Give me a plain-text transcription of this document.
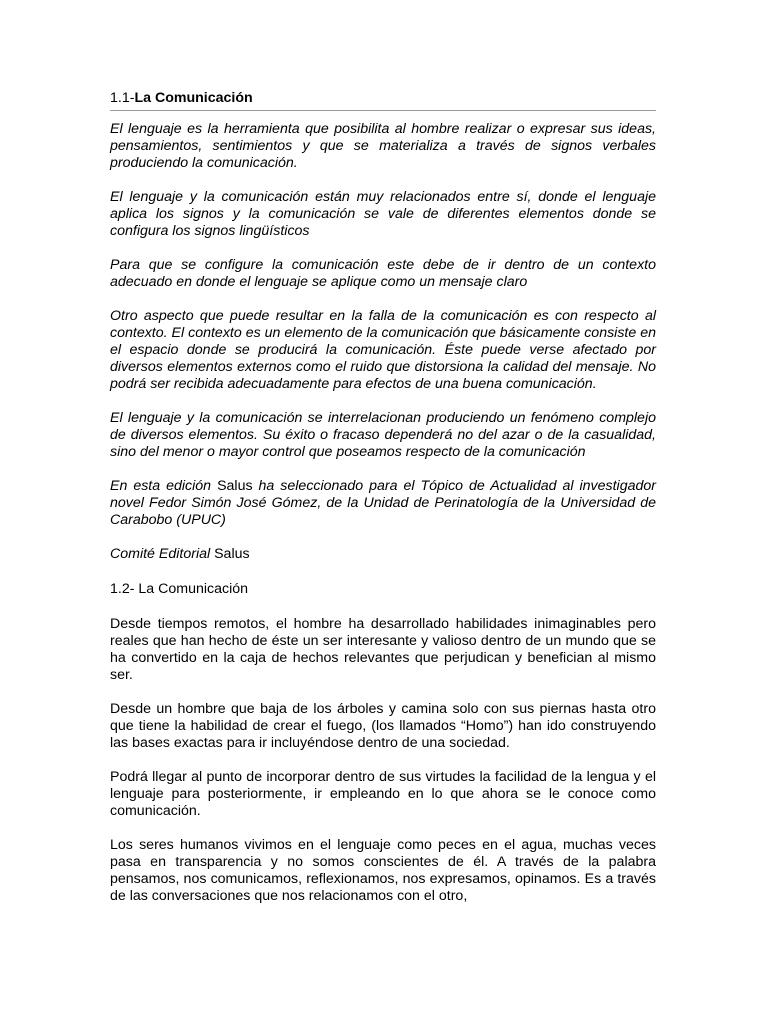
1.1-La Comunicación

El lenguaje es la herramienta que posibilita al hombre realizar o expresar sus ideas, pensamientos, sentimientos y que se materializa a través de signos verbales produciendo la comunicación.

El lenguaje y la comunicación están muy relacionados entre sí, donde el lenguaje aplica los signos y la comunicación se vale de diferentes elementos donde se configura los signos lingüísticos

Para que se configure la comunicación este debe de ir dentro de un contexto adecuado en donde el lenguaje se aplique como un mensaje claro

Otro aspecto que puede resultar en la falla de la comunicación es con respecto al contexto. El contexto es un elemento de la comunicación que básicamente consiste en el espacio donde se producirá la comunicación. Éste puede verse afectado por diversos elementos externos como el ruido que distorsiona la calidad del mensaje. No podrá ser recibida adecuadamente para efectos de una buena comunicación.

El lenguaje y la comunicación se interrelacionan produciendo un fenómeno complejo de diversos elementos. Su éxito o fracaso dependerá no del azar o de la casualidad, sino del menor o mayor control que poseamos respecto de la comunicación

En esta edición Salus ha seleccionado para el Tópico de Actualidad al investigador novel Fedor Simón José Gómez, de la Unidad de Perinatología de la Universidad de Carabobo (UPUC)

Comité Editorial Salus

1.2- La Comunicación

Desde tiempos remotos, el hombre ha desarrollado habilidades inimaginables pero reales que han hecho de éste un ser interesante y valioso dentro de un mundo que se ha convertido en la caja de hechos relevantes que perjudican y benefician al mismo ser.

Desde un hombre que baja de los árboles y camina solo con sus piernas hasta otro que tiene la habilidad de crear el fuego, (los llamados “Homo”) han ido construyendo las bases exactas para ir incluyéndose dentro de una sociedad.

Podrá llegar al punto de incorporar dentro de sus virtudes la facilidad de la lengua y el lenguaje para posteriormente, ir empleando en lo que ahora se le conoce como comunicación.

Los seres humanos vivimos en el lenguaje como peces en el agua, muchas veces pasa en transparencia y no somos conscientes de él. A través de la palabra pensamos, nos comunicamos, reflexionamos, nos expresamos, opinamos. Es a través de las conversaciones que nos relacionamos con el otro,
